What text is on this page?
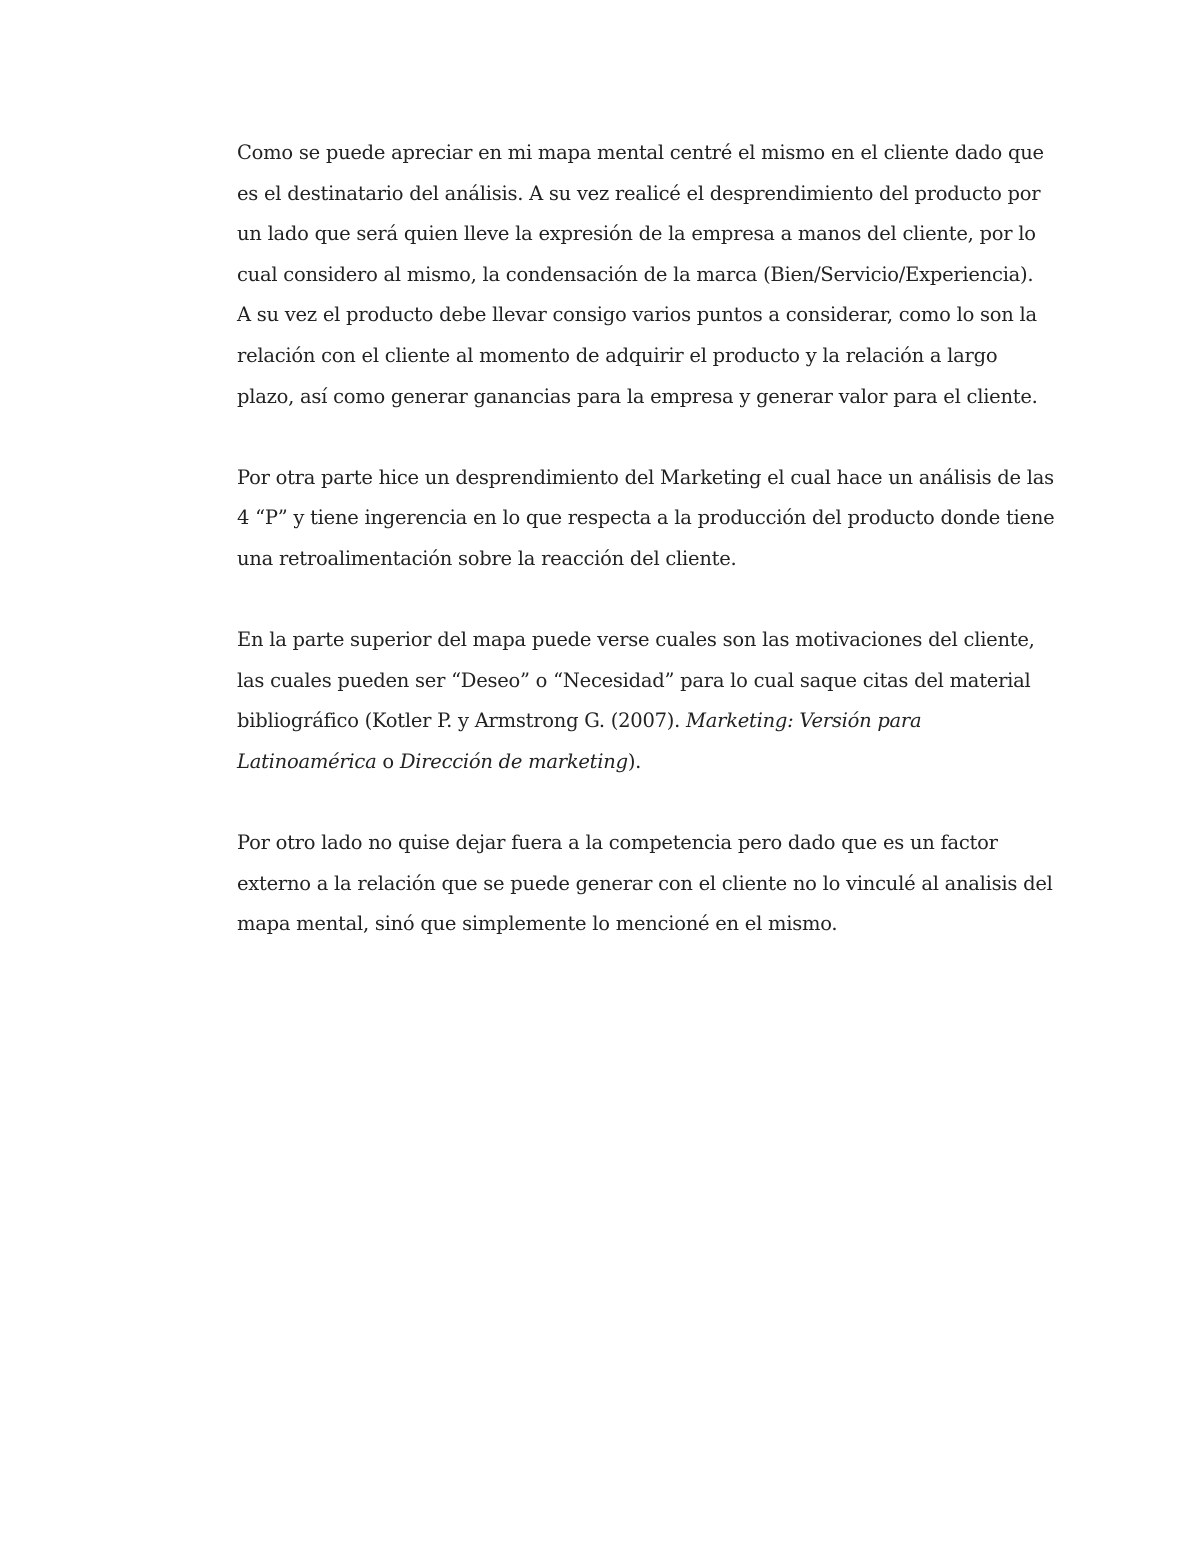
Como se puede apreciar en mi mapa mental centré el mismo en el cliente dado que
es el destinatario del análisis. A su vez realicé el desprendimiento del producto por
un lado que será quien lleve la expresión de la empresa a manos del cliente, por lo
cual considero al mismo, la condensación de la marca (Bien/Servicio/Experiencia).
A su vez el producto debe llevar consigo varios puntos a considerar, como lo son la
relación con el cliente al momento de adquirir el producto y la relación a largo
plazo, así como generar ganancias para la empresa y generar valor para el cliente.

Por otra parte hice un desprendimiento del Marketing el cual hace un análisis de las
4 “P” y tiene ingerencia en lo que respecta a la producción del producto donde tiene
una retroalimentación sobre la reacción del cliente.

En la parte superior del mapa puede verse cuales son las motivaciones del cliente,
las cuales pueden ser “Deseo” o “Necesidad” para lo cual saque citas del material
bibliográfico (Kotler P. y Armstrong G. (2007). Marketing: Versión para
Latinoamérica o Dirección de marketing).

Por otro lado no quise dejar fuera a la competencia pero dado que es un factor
externo a la relación que se puede generar con el cliente no lo vinculé al analisis del
mapa mental, sinó que simplemente lo mencioné en el mismo.
